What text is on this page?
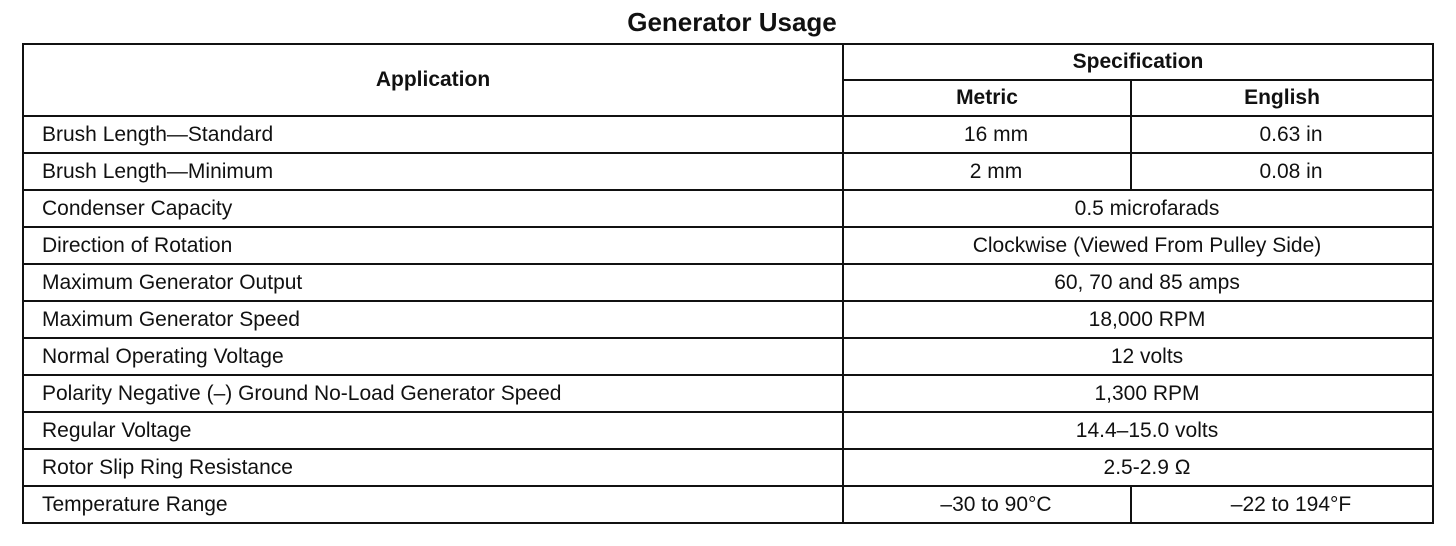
Generator Usage
Application	Specification	
	Metric	English
Brush Length—Standard	16 mm	0.63 in
Brush Length—Minimum	2 mm	0.08 in
Condenser Capacity	0.5 microfarads	
Direction of Rotation	Clockwise (Viewed From Pulley Side)	
Maximum Generator Output	60, 70 and 85 amps	
Maximum Generator Speed	18,000 RPM	
Normal Operating Voltage	12 volts	
Polarity Negative (–) Ground No-Load Generator Speed	1,300 RPM	
Regular Voltage	14.4–15.0 volts	
Rotor Slip Ring Resistance	2.5-2.9 Ω	
Temperature Range	–30 to 90°C	–22 to 194°F
